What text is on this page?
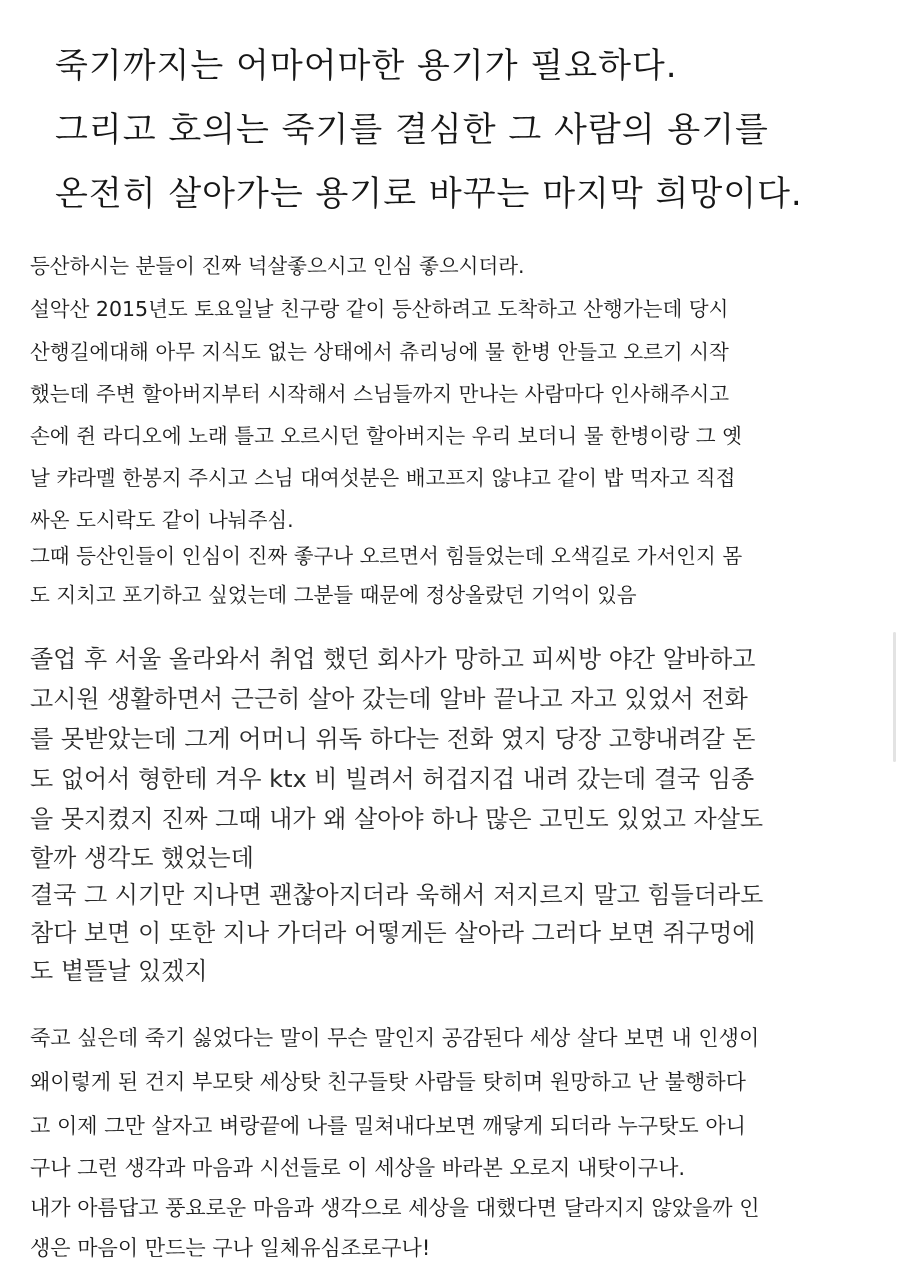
죽기까지는 어마어마한 용기가 필요하다.
그리고 호의는 죽기를 결심한 그 사람의 용기를
온전히 살아가는 용기로 바꾸는 마지막 희망이다.
등산하시는 분들이 진짜 넉살좋으시고 인심 좋으시더라.
설악산 2015년도 토요일날 친구랑 같이 등산하려고 도착하고 산행가는데 당시
산행길에대해 아무 지식도 없는 상태에서 츄리닝에 물 한병 안들고 오르기 시작
했는데 주변 할아버지부터 시작해서 스님들까지 만나는 사람마다 인사해주시고
손에 쥔 라디오에 노래 틀고 오르시던 할아버지는 우리 보더니 물 한병이랑 그 옛
날 캬라멜 한봉지 주시고 스님 대여섯분은 배고프지 않냐고 같이 밥 먹자고 직접
싸온 도시락도 같이 나눠주심.
그때 등산인들이 인심이 진짜 좋구나 오르면서 힘들었는데 오색길로 가서인지 몸
도 지치고 포기하고 싶었는데 그분들 때문에 정상올랐던 기억이 있음
졸업 후 서울 올라와서 취업 했던 회사가 망하고 피씨방 야간 알바하고
고시원 생활하면서 근근히 살아 갔는데 알바 끝나고 자고 있었서 전화
를 못받았는데 그게 어머니 위독 하다는 전화 였지 당장 고향내려갈 돈
도 없어서 형한테 겨우 ktx 비 빌려서 허겁지겁 내려 갔는데 결국 임종
을 못지켰지 진짜 그때 내가 왜 살아야 하나 많은 고민도 있었고 자살도
할까 생각도 했었는데
결국 그 시기만 지나면 괜찮아지더라 욱해서 저지르지 말고 힘들더라도
참다 보면 이 또한 지나 가더라 어떻게든 살아라 그러다 보면 쥐구멍에
도 볕뜰날 있겠지
죽고 싶은데 죽기 싫었다는 말이 무슨 말인지 공감된다 세상 살다 보면 내 인생이
왜이렇게 된 건지 부모탓 세상탓 친구들탓 사람들 탓히며 원망하고 난 불행하다
고 이제 그만 살자고 벼랑끝에 나를 밀쳐내다보면 깨닿게 되더라 누구탓도 아니
구나 그런 생각과 마음과 시선들로 이 세상을 바라본 오로지 내탓이구나.
내가 아름답고 풍요로운 마음과 생각으로 세상을 대했다면 달라지지 않았을까 인
생은 마음이 만드는 구나 일체유심조로구나!
